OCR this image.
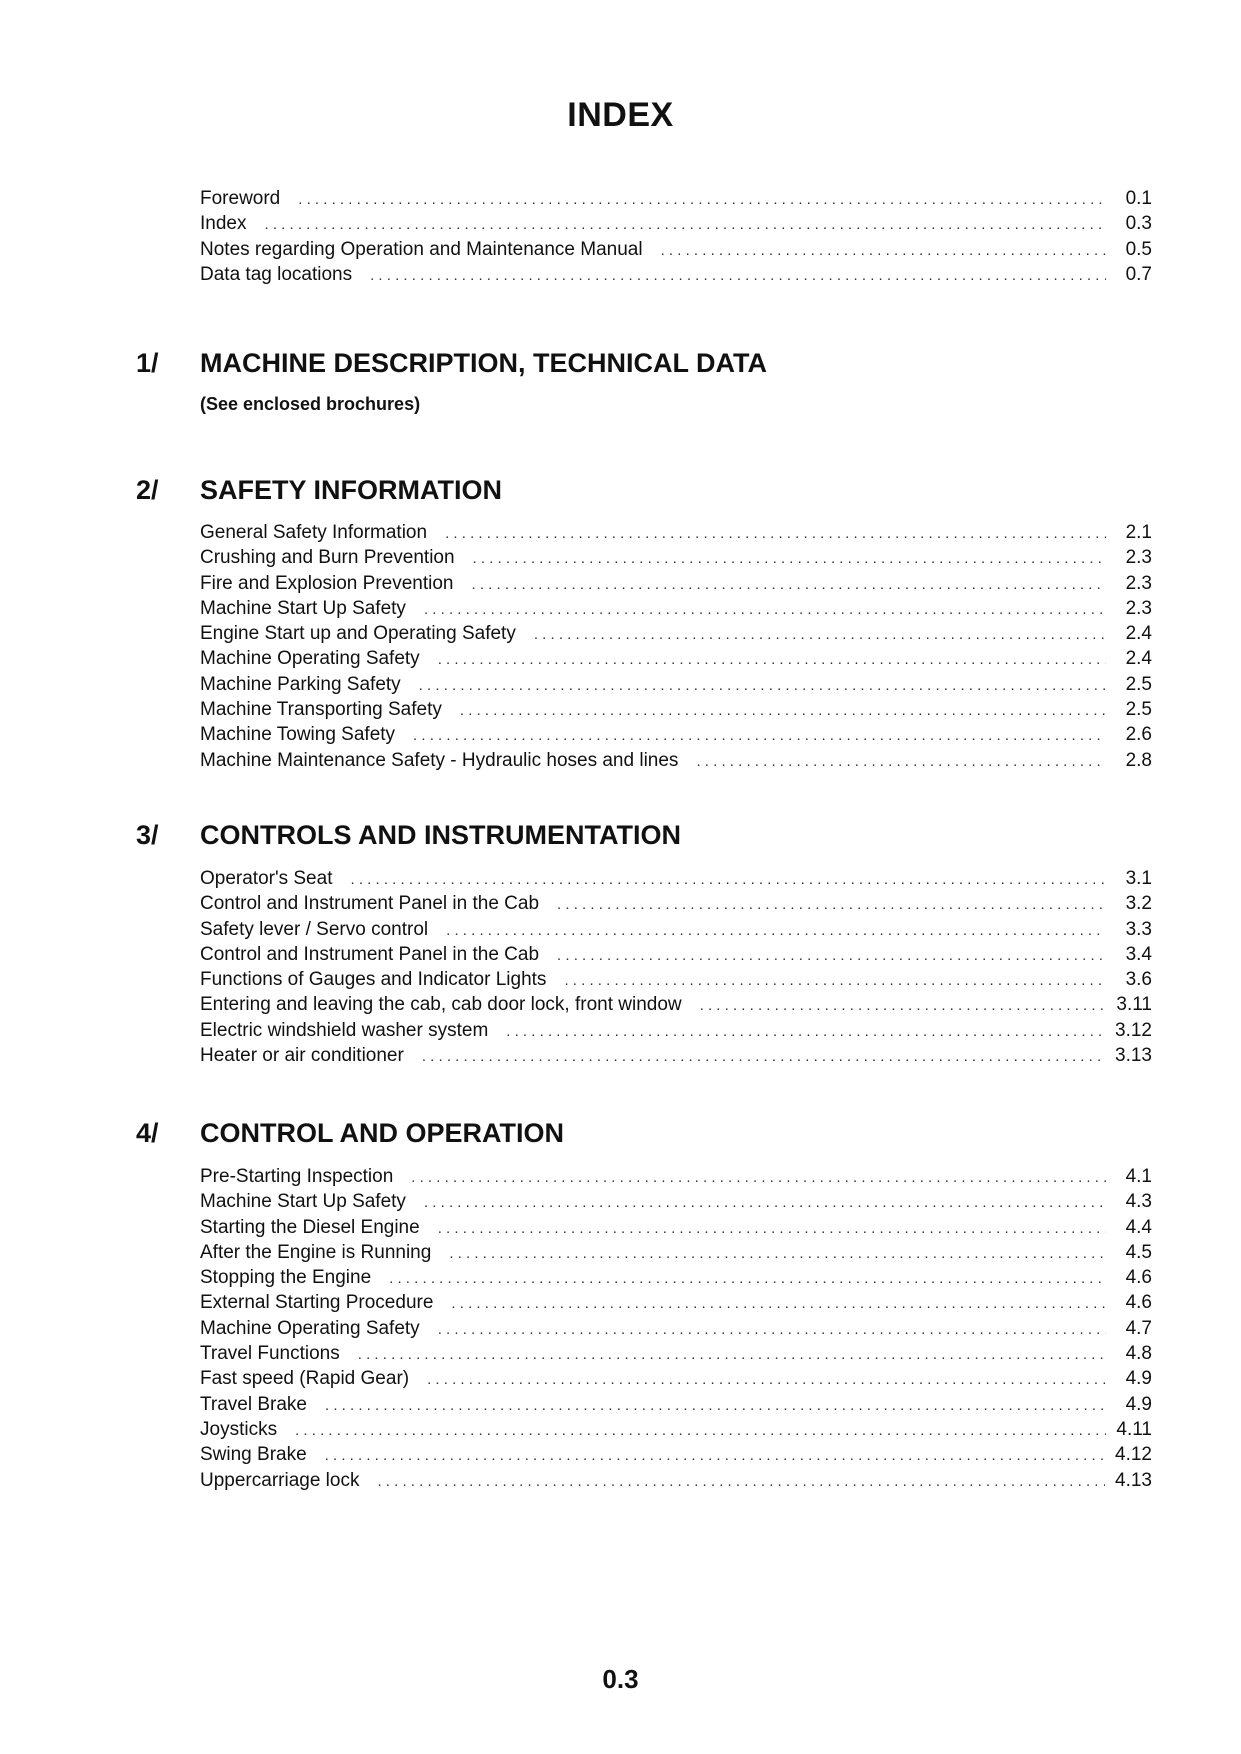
INDEX
Foreword . . .	0.1
Index . . .	0.3
Notes regarding Operation and Maintenance Manual . . .	0.5
Data tag locations . . .	0.7
1/ MACHINE DESCRIPTION, TECHNICAL DATA
(See enclosed brochures)
2/ SAFETY INFORMATION
General Safety Information . . .	2.1
Crushing and Burn Prevention . . .	2.3
Fire and Explosion Prevention . . .	2.3
Machine Start Up Safety . . .	2.3
Engine Start up and Operating Safety . . .	2.4
Machine Operating Safety . . .	2.4
Machine Parking Safety . . .	2.5
Machine Transporting Safety . . .	2.5
Machine Towing Safety . . .	2.6
Machine Maintenance Safety - Hydraulic hoses and lines . . .	2.8
3/ CONTROLS AND INSTRUMENTATION
Operator's Seat . . .	3.1
Control and Instrument Panel in the Cab . . .	3.2
Safety lever / Servo control . . .	3.3
Control and Instrument Panel in the Cab . . .	3.4
Functions of Gauges and Indicator Lights . . .	3.6
Entering and leaving the cab, cab door lock, front window . . .	3.11
Electric windshield washer system . . .	3.12
Heater or air conditioner . . .	3.13
4/ CONTROL AND OPERATION
Pre-Starting Inspection . . .	4.1
Machine Start Up Safety . . .	4.3
Starting the Diesel Engine . . .	4.4
After the Engine is Running . . .	4.5
Stopping the Engine . . .	4.6
External Starting Procedure . . .	4.6
Machine Operating Safety . . .	4.7
Travel Functions . . .	4.8
Fast speed (Rapid Gear) . . .	4.9
Travel Brake . . .	4.9
Joysticks . . .	4.11
Swing Brake . . .	4.12
Uppercarriage lock . . .	4.13
0.3
